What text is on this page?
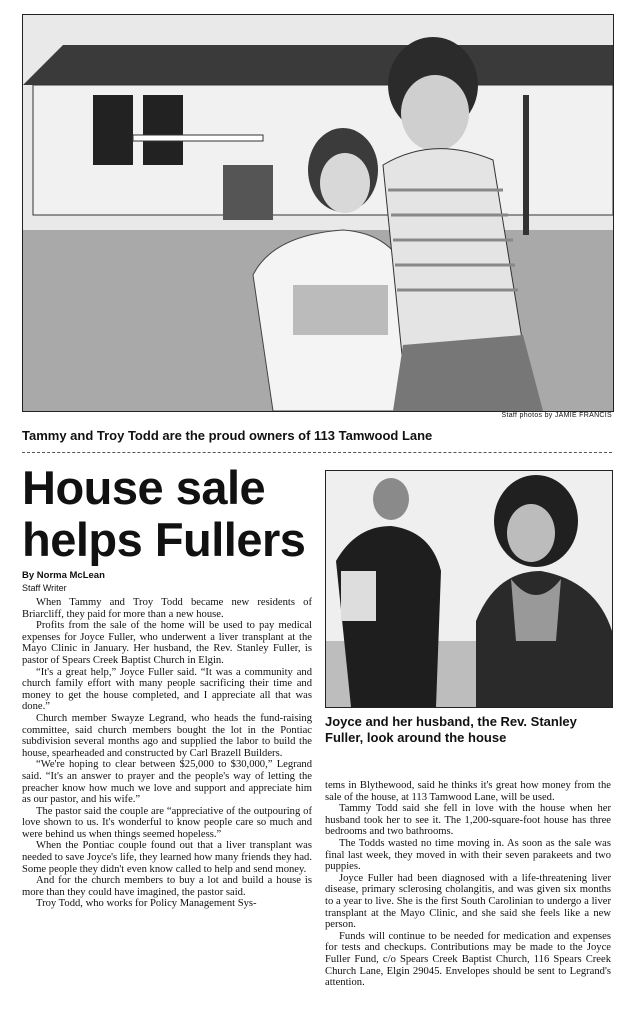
Staff photos by JAMIE FRANCIS
Tammy and Troy Todd are the proud owners of 113 Tamwood Lane
House sale helps Fullers
By Norma McLean
Staff Writer

When Tammy and Troy Todd became new residents of Briarcliff, they paid for more than a new house.

Profits from the sale of the home will be used to pay medical expenses for Joyce Fuller, who underwent a liver transplant at the Mayo Clinic in January. Her husband, the Rev. Stanley Fuller, is pastor of Spears Creek Baptist Church in Elgin.

“It's a great help,” Joyce Fuller said. “It was a community and church family effort with many people sacrificing their time and money to get the house completed, and I appreciate all that was done.”

Church member Swayze Legrand, who heads the fund-raising committee, said church members bought the lot in the Pontiac subdivision several months ago and supplied the labor to build the house, spearheaded and constructed by Carl Brazell Builders.

“We're hoping to clear between $25,000 to $30,000,” Legrand said. “It's an answer to prayer and the people's way of letting the preacher know how much we love and support and appreciate him as our pastor, and his wife.”

The pastor said the couple are “appreciative of the outpouring of love shown to us. It's wonderful to know people care so much and were behind us when things seemed hopeless.”

When the Pontiac couple found out that a liver transplant was needed to save Joyce's life, they learned how many friends they had. Some people they didn't even know called to help and send money.

And for the church members to buy a lot and build a house is more than they could have imagined, the pastor said.

Troy Todd, who works for Policy Management Sys-

Joyce and her husband, the Rev. Stanley Fuller, look around the house

tems in Blythewood, said he thinks it's great how money from the sale of the house, at 113 Tamwood Lane, will be used.

Tammy Todd said she fell in love with the house when her husband took her to see it. The 1,200-square-foot house has three bedrooms and two bathrooms.

The Todds wasted no time moving in. As soon as the sale was final last week, they moved in with their seven parakeets and two puppies.

Joyce Fuller had been diagnosed with a life-threatening liver disease, primary sclerosing cholangitis, and was given six months to a year to live. She is the first South Carolinian to undergo a liver transplant at the Mayo Clinic, and she said she feels like a new person.

Funds will continue to be needed for medication and expenses for tests and checkups. Contributions may be made to the Joyce Fuller Fund, c/o Spears Creek Baptist Church, 116 Spears Creek Church Lane, Elgin 29045. Envelopes should be sent to Legrand's attention.
